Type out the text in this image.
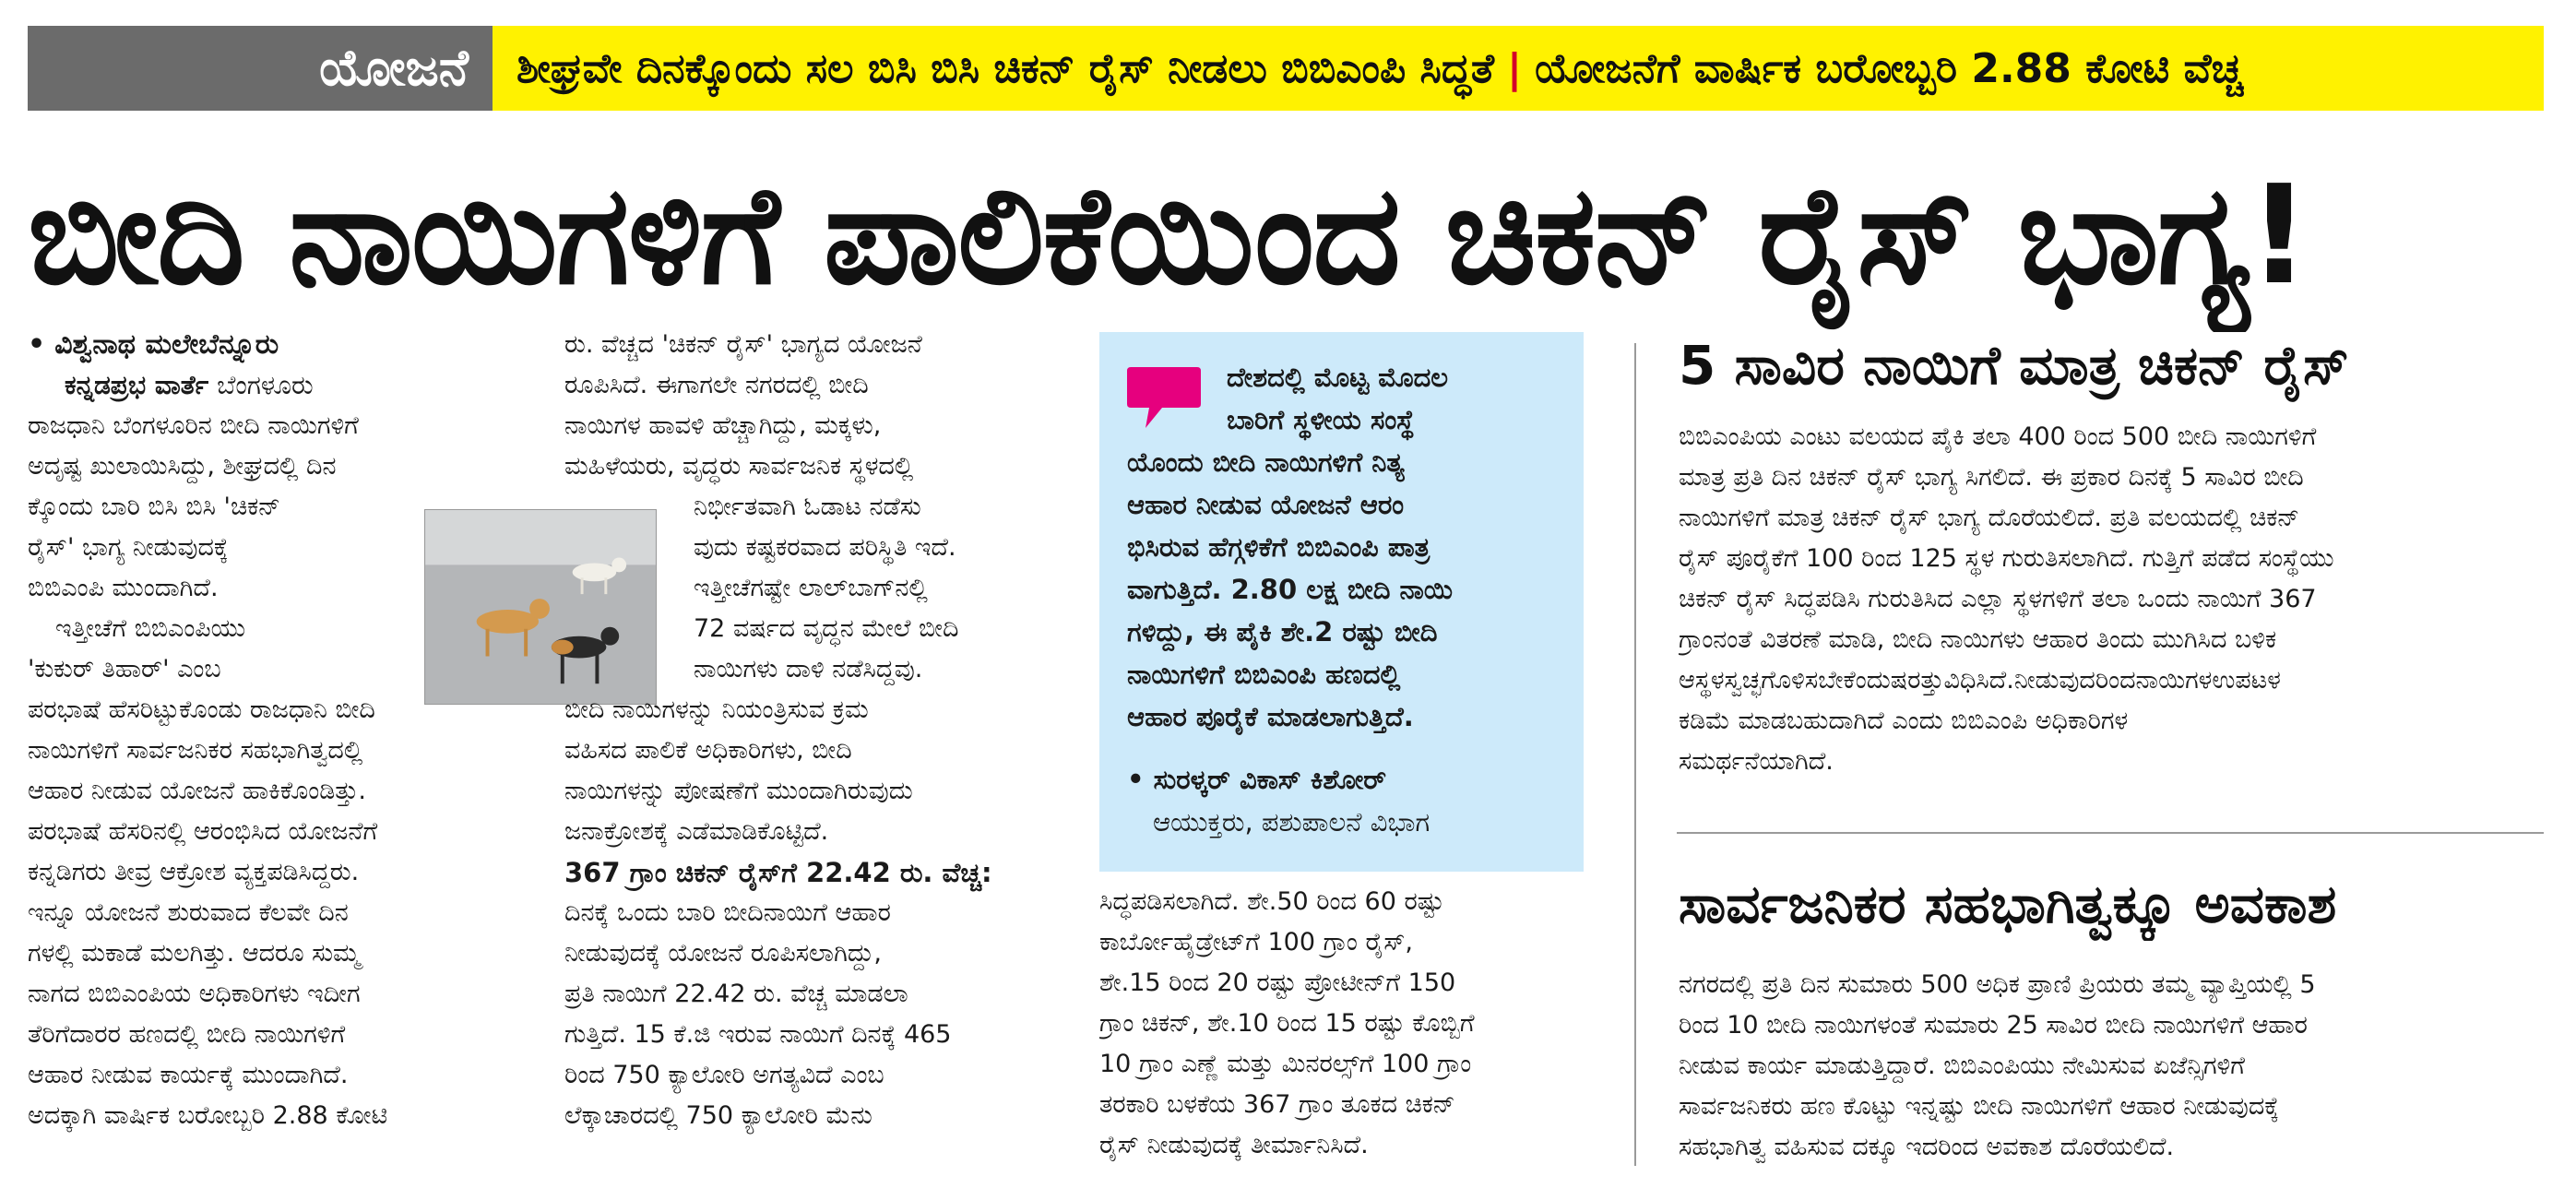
ಯೋಜನೆ	ಶೀಘ್ರವೇ ದಿನಕ್ಕೊಂದು ಸಲ ಬಿಸಿ ಬಿಸಿ ಚಿಕನ್ ರೈಸ್ ನೀಡಲು ಬಿಬಿಎಂಪಿ ಸಿದ್ಧತೆ | ಯೋಜನೆಗೆ ವಾರ್ಷಿಕ ಬರೋಬ್ಬರಿ 2.88 ಕೋಟಿ ವೆಚ್ಚ
ಬೀದಿ ನಾಯಿಗಳಿಗೆ ಪಾಲಿಕೆಯಿಂದ ಚಿಕನ್ ರೈಸ್ ಭಾಗ್ಯ!
• ವಿಶ್ವನಾಥ ಮಲೇಬೆನ್ನೂರು
ಕನ್ನಡಪ್ರಭ ವಾರ್ತೆ ಬೆಂಗಳೂರು
ರಾಜಧಾನಿ ಬೆಂಗಳೂರಿನ ಬೀದಿ ನಾಯಿಗಳಿಗೆ
ಅದೃಷ್ಟ ಖುಲಾಯಿಸಿದ್ದು, ಶೀಘ್ರದಲ್ಲಿ ದಿನ
ಕ್ಕೊಂದು ಬಾರಿ ಬಿಸಿ ಬಿಸಿ 'ಚಿಕನ್
ರೈಸ್' ಭಾಗ್ಯ ನೀಡುವುದಕ್ಕೆ
ಬಿಬಿಎಂಪಿ ಮುಂದಾಗಿದೆ.
ಇತ್ತೀಚೆಗೆ ಬಿಬಿಎಂಪಿಯು
'ಕುಕುರ್ ತಿಹಾರ್' ಎಂಬ
ಪರಭಾಷೆ ಹೆಸರಿಟ್ಟುಕೊಂಡು ರಾಜಧಾನಿ ಬೀದಿ
ನಾಯಿಗಳಿಗೆ ಸಾರ್ವಜನಿಕರ ಸಹಭಾಗಿತ್ವದಲ್ಲಿ
ಆಹಾರ ನೀಡುವ ಯೋಜನೆ ಹಾಕಿಕೊಂಡಿತ್ತು.
ಪರಭಾಷೆ ಹೆಸರಿನಲ್ಲಿ ಆರಂಭಿಸಿದ ಯೋಜನೆಗೆ
ಕನ್ನಡಿಗರು ತೀವ್ರ ಆಕ್ರೋಶ ವ್ಯಕ್ತಪಡಿಸಿದ್ದರು.
ಇನ್ನೂ ಯೋಜನೆ ಶುರುವಾದ ಕೆಲವೇ ದಿನ
ಗಳಲ್ಲಿ ಮಕಾಡೆ ಮಲಗಿತ್ತು. ಆದರೂ ಸುಮ್ಮ
ನಾಗದ ಬಿಬಿಎಂಪಿಯ ಅಧಿಕಾರಿಗಳು ಇದೀಗ
ತೆರಿಗೆದಾರರ ಹಣದಲ್ಲಿ ಬೀದಿ ನಾಯಿಗಳಿಗೆ
ಆಹಾರ ನೀಡುವ ಕಾರ್ಯಕ್ಕೆ ಮುಂದಾಗಿದೆ.
ಅದಕ್ಕಾಗಿ ವಾರ್ಷಿಕ ಬರೋಬ್ಬರಿ 2.88 ಕೋಟಿ
ರು. ವೆಚ್ಚದ 'ಚಿಕನ್ ರೈಸ್' ಭಾಗ್ಯದ ಯೋಜನೆ
ರೂಪಿಸಿದೆ. ಈಗಾಗಲೇ ನಗರದಲ್ಲಿ ಬೀದಿ
ನಾಯಿಗಳ ಹಾವಳಿ ಹೆಚ್ಚಾಗಿದ್ದು, ಮಕ್ಕಳು,
ಮಹಿಳೆಯರು, ವೃದ್ಧರು ಸಾರ್ವಜನಿಕ ಸ್ಥಳದಲ್ಲಿ
ನಿರ್ಭೀತವಾಗಿ ಓಡಾಟ ನಡೆಸು
ವುದು ಕಷ್ಟಕರವಾದ ಪರಿಸ್ಥಿತಿ ಇದೆ.
ಇತ್ತೀಚೆಗಷ್ಟೇ ಲಾಲ್‌ಬಾಗ್‌ನಲ್ಲಿ
72 ವರ್ಷದ ವೃದ್ಧನ ಮೇಲೆ ಬೀದಿ
ನಾಯಿಗಳು ದಾಳಿ ನಡೆಸಿದ್ದವು.
ಬೀದಿ ನಾಯಿಗಳನ್ನು ನಿಯಂತ್ರಿಸುವ ಕ್ರಮ
ವಹಿಸದ ಪಾಲಿಕೆ ಅಧಿಕಾರಿಗಳು, ಬೀದಿ
ನಾಯಿಗಳನ್ನು ಪೋಷಣೆಗೆ ಮುಂದಾಗಿರುವುದು
ಜನಾಕ್ರೋಶಕ್ಕೆ ಎಡೆಮಾಡಿಕೊಟ್ಟಿದೆ.
367 ಗ್ರಾಂ ಚಿಕನ್ ರೈಸ್‌ಗೆ 22.42 ರು. ವೆಚ್ಚ:
ದಿನಕ್ಕೆ ಒಂದು ಬಾರಿ ಬೀದಿನಾಯಿಗೆ ಆಹಾರ
ನೀಡುವುದಕ್ಕೆ ಯೋಜನೆ ರೂಪಿಸಲಾಗಿದ್ದು,
ಪ್ರತಿ ನಾಯಿಗೆ 22.42 ರು. ವೆಚ್ಚ ಮಾಡಲಾ
ಗುತ್ತಿದೆ. 15 ಕೆ.ಜಿ ಇರುವ ನಾಯಿಗೆ ದಿನಕ್ಕೆ 465
ರಿಂದ 750 ಕ್ಯಾಲೋರಿ ಅಗತ್ಯವಿದೆ ಎಂಬ
ಲೆಕ್ಕಾಚಾರದಲ್ಲಿ 750 ಕ್ಯಾಲೋರಿ ಮೆನು
ದೇಶದಲ್ಲಿ ಮೊಟ್ಟ ಮೊದಲ
ಬಾರಿಗೆ ಸ್ಥಳೀಯ ಸಂಸ್ಥೆ
ಯೊಂದು ಬೀದಿ ನಾಯಿಗಳಿಗೆ ನಿತ್ಯ
ಆಹಾರ ನೀಡುವ ಯೋಜನೆ ಆರಂ
ಭಿಸಿರುವ ಹೆಗ್ಗಳಿಕೆಗೆ ಬಿಬಿಎಂಪಿ ಪಾತ್ರ
ವಾಗುತ್ತಿದೆ. 2.80 ಲಕ್ಷ ಬೀದಿ ನಾಯಿ
ಗಳಿದ್ದು, ಈ ಪೈಕಿ ಶೇ.2 ರಷ್ಟು ಬೀದಿ
ನಾಯಿಗಳಿಗೆ ಬಿಬಿಎಂಪಿ ಹಣದಲ್ಲಿ
ಆಹಾರ ಪೂರೈಕೆ ಮಾಡಲಾಗುತ್ತಿದೆ.
• ಸುರಳ್ಕರ್ ವಿಕಾಸ್ ಕಿಶೋರ್
ಆಯುಕ್ತರು, ಪಶುಪಾಲನೆ ವಿಭಾಗ
ಸಿದ್ಧಪಡಿಸಲಾಗಿದೆ. ಶೇ.50 ರಿಂದ 60 ರಷ್ಟು
ಕಾರ್ಬೋಹೈಡ್ರೇಟ್‌ಗೆ 100 ಗ್ರಾಂ ರೈಸ್,
ಶೇ.15 ರಿಂದ 20 ರಷ್ಟು ಪ್ರೋಟೀನ್‌ಗೆ 150
ಗ್ರಾಂ ಚಿಕನ್, ಶೇ.10 ರಿಂದ 15 ರಷ್ಟು ಕೊಬ್ಬಿಗೆ
10 ಗ್ರಾಂ ಎಣ್ಣೆ ಮತ್ತು ಮಿನರಲ್ಸ್‌ಗೆ 100 ಗ್ರಾಂ
ತರಕಾರಿ ಬಳಕೆಯ 367 ಗ್ರಾಂ ತೂಕದ ಚಿಕನ್
ರೈಸ್ ನೀಡುವುದಕ್ಕೆ ತೀರ್ಮಾನಿಸಿದೆ.
5 ಸಾವಿರ ನಾಯಿಗೆ ಮಾತ್ರ ಚಿಕನ್ ರೈಸ್
ಬಿಬಿಎಂಪಿಯ ಎಂಟು ವಲಯದ ಪೈಕಿ ತಲಾ 400 ರಿಂದ 500 ಬೀದಿ ನಾಯಿಗಳಿಗೆ
ಮಾತ್ರ ಪ್ರತಿ ದಿನ ಚಿಕನ್ ರೈಸ್ ಭಾಗ್ಯ ಸಿಗಲಿದೆ. ಈ ಪ್ರಕಾರ ದಿನಕ್ಕೆ 5 ಸಾವಿರ ಬೀದಿ
ನಾಯಿಗಳಿಗೆ ಮಾತ್ರ ಚಿಕನ್ ರೈಸ್ ಭಾಗ್ಯ ದೊರೆಯಲಿದೆ. ಪ್ರತಿ ವಲಯದಲ್ಲಿ ಚಿಕನ್
ರೈಸ್ ಪೂರೈಕೆಗೆ 100 ರಿಂದ 125 ಸ್ಥಳ ಗುರುತಿಸಲಾಗಿದೆ. ಗುತ್ತಿಗೆ ಪಡೆದ ಸಂಸ್ಥೆಯು
ಚಿಕನ್ ರೈಸ್ ಸಿದ್ಧಪಡಿಸಿ ಗುರುತಿಸಿದ ಎಲ್ಲಾ ಸ್ಥಳಗಳಿಗೆ ತಲಾ ಒಂದು ನಾಯಿಗೆ 367
ಗ್ರಾಂನಂತೆ ವಿತರಣೆ ಮಾಡಿ, ಬೀದಿ ನಾಯಿಗಳು ಆಹಾರ ತಿಂದು ಮುಗಿಸಿದ ಬಳಿಕ
ಆಸ್ಥಳಸ್ವಚ್ಛಗೊಳಿಸಬೇಕೆಂದುಷರತ್ತುವಿಧಿಸಿದೆ.ನೀಡುವುದರಿಂದನಾಯಿಗಳಉಪಟಳ
ಕಡಿಮೆ ಮಾಡಬಹುದಾಗಿದೆ ಎಂದು ಬಿಬಿಎಂಪಿ ಅಧಿಕಾರಿಗಳ
ಸಮರ್ಥನೆಯಾಗಿದೆ.
ಸಾರ್ವಜನಿಕರ ಸಹಭಾಗಿತ್ವಕ್ಕೂ ಅವಕಾಶ
ನಗರದಲ್ಲಿ ಪ್ರತಿ ದಿನ ಸುಮಾರು 500 ಅಧಿಕ ಪ್ರಾಣಿ ಪ್ರಿಯರು ತಮ್ಮ ವ್ಯಾಪ್ತಿಯಲ್ಲಿ 5
ರಿಂದ 10 ಬೀದಿ ನಾಯಿಗಳಂತೆ ಸುಮಾರು 25 ಸಾವಿರ ಬೀದಿ ನಾಯಿಗಳಿಗೆ ಆಹಾರ
ನೀಡುವ ಕಾರ್ಯ ಮಾಡುತ್ತಿದ್ದಾರೆ. ಬಿಬಿಎಂಪಿಯು ನೇಮಿಸುವ ಏಜೆನ್ಸಿಗಳಿಗೆ
ಸಾರ್ವಜನಿಕರು ಹಣ ಕೊಟ್ಟು ಇನ್ನಷ್ಟು ಬೀದಿ ನಾಯಿಗಳಿಗೆ ಆಹಾರ ನೀಡುವುದಕ್ಕೆ
ಸಹಭಾಗಿತ್ವ ವಹಿಸುವ ದಕ್ಕೂ ಇದರಿಂದ ಅವಕಾಶ ದೊರೆಯಲಿದೆ.
